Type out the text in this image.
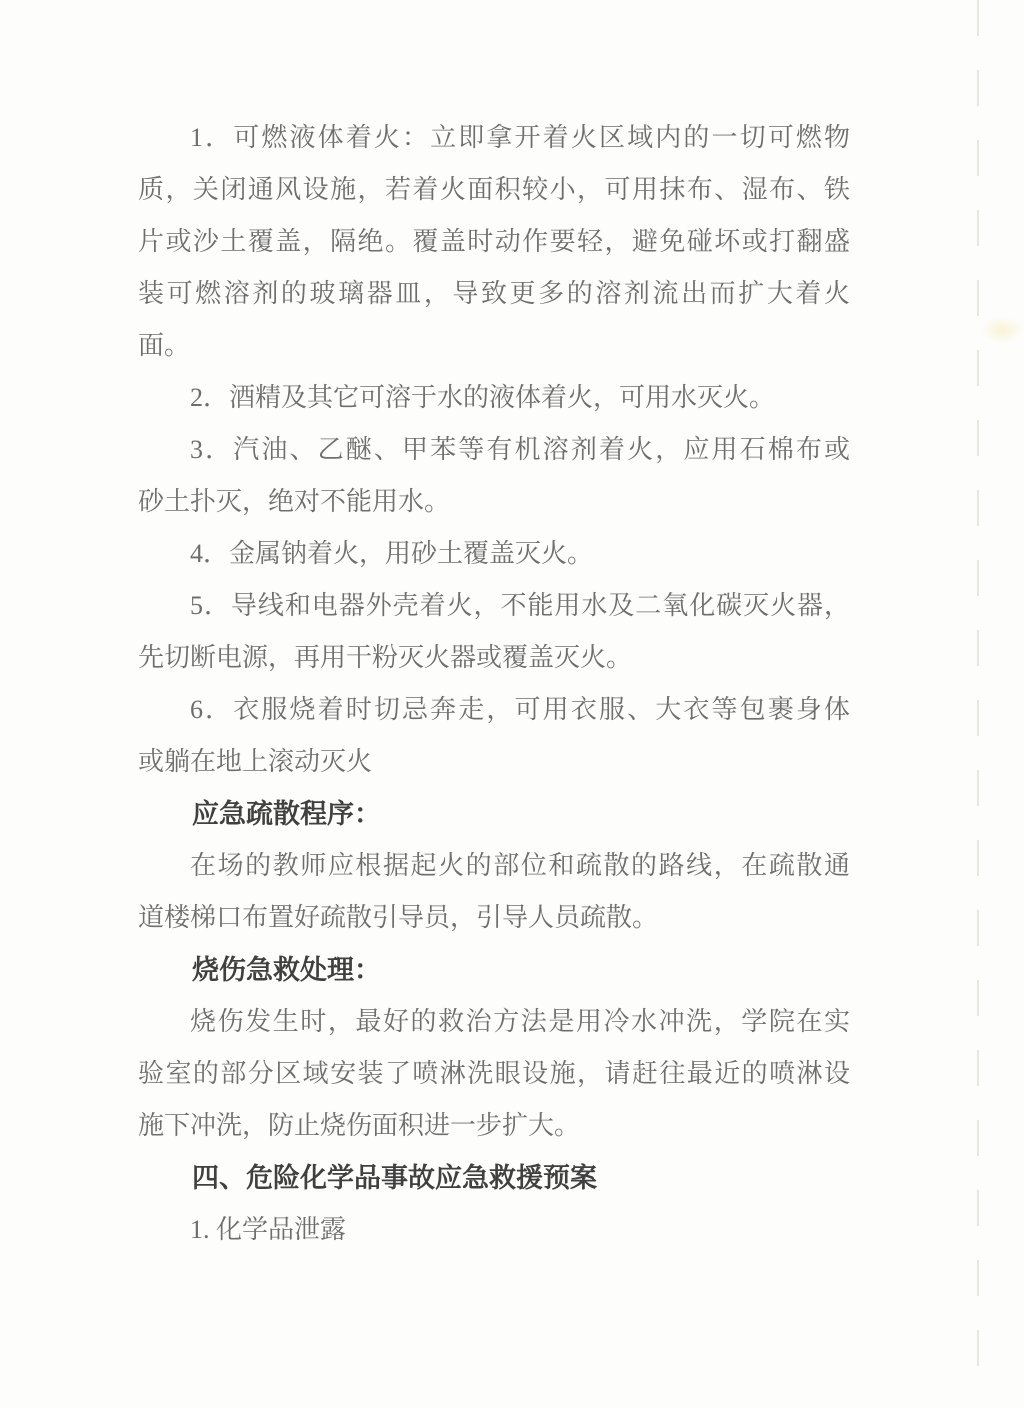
1．可燃液体着火：立即拿开着火区域内的一切可燃物
质，关闭通风设施，若着火面积较小，可用抹布、湿布、铁
片或沙土覆盖，隔绝。覆盖时动作要轻，避免碰坏或打翻盛
装可燃溶剂的玻璃器皿，导致更多的溶剂流出而扩大着火
面。
2．酒精及其它可溶于水的液体着火，可用水灭火。
3．汽油、乙醚、甲苯等有机溶剂着火，应用石棉布或
砂土扑灭，绝对不能用水。
4．金属钠着火，用砂土覆盖灭火。
5．导线和电器外壳着火，不能用水及二氧化碳灭火器，
先切断电源，再用干粉灭火器或覆盖灭火。
6．衣服烧着时切忌奔走，可用衣服、大衣等包裹身体
或躺在地上滚动灭火
应急疏散程序：
在场的教师应根据起火的部位和疏散的路线，在疏散通
道楼梯口布置好疏散引导员，引导人员疏散。
烧伤急救处理：
烧伤发生时，最好的救治方法是用冷水冲洗，学院在实
验室的部分区域安装了喷淋洗眼设施，请赶往最近的喷淋设
施下冲洗，防止烧伤面积进一步扩大。
四、危险化学品事故应急救援预案
1. 化学品泄露
